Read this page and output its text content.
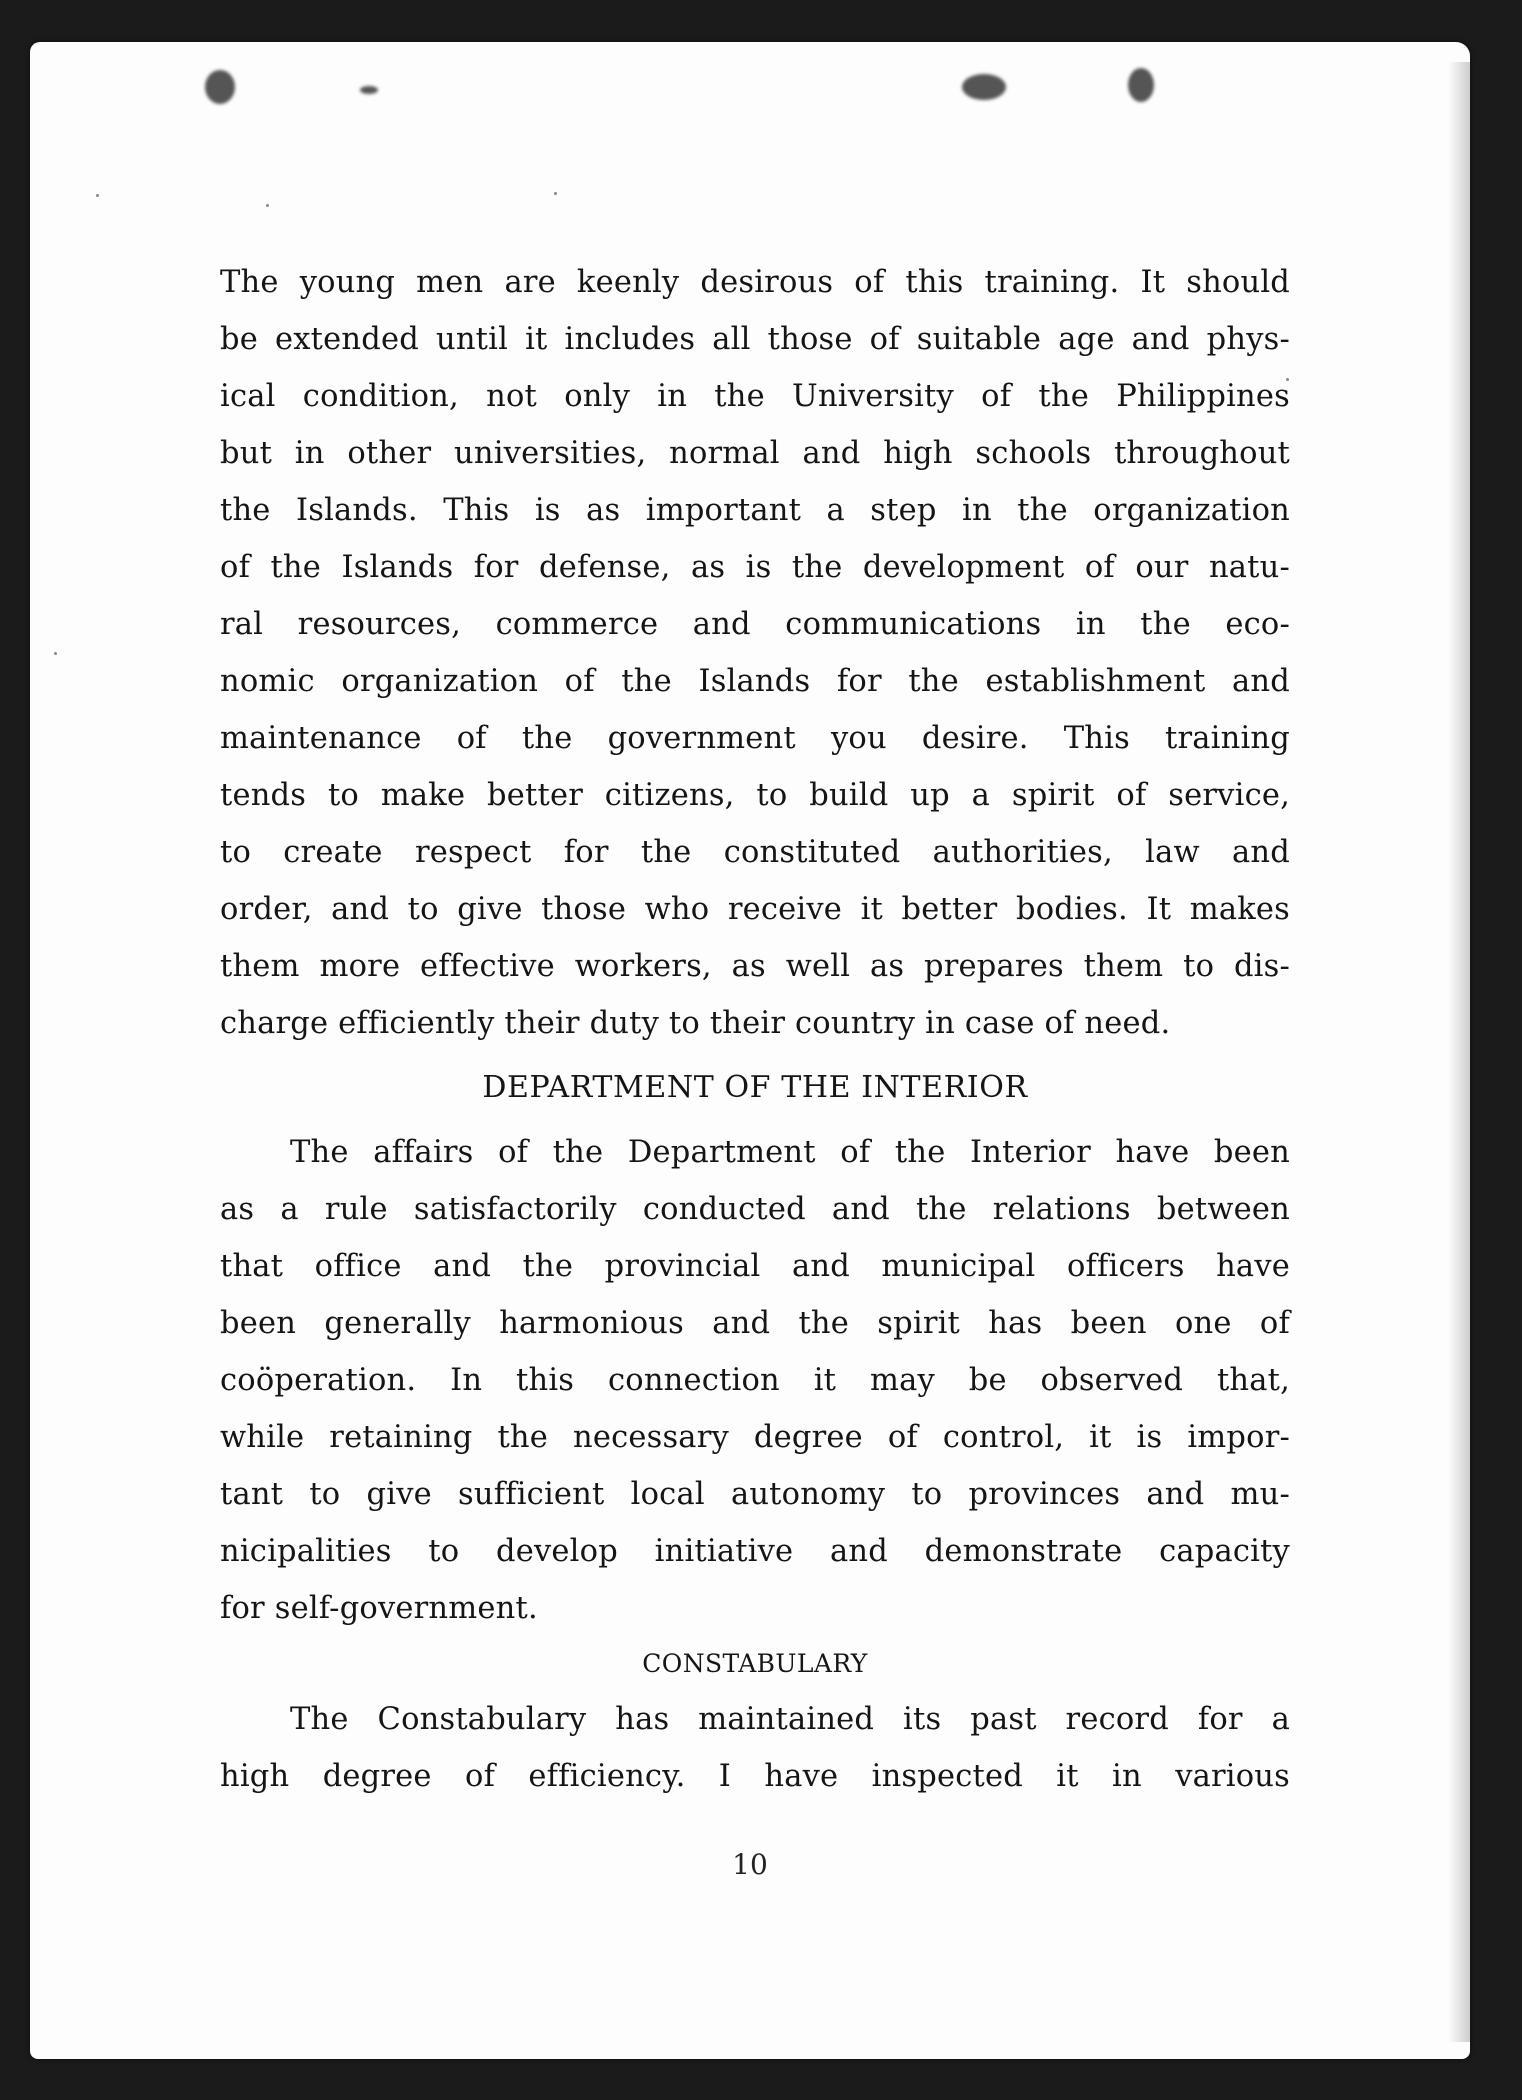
The young men are keenly desirous of this training. It should
be extended until it includes all those of suitable age and phys-
ical condition, not only in the University of the Philippines
but in other universities, normal and high schools throughout
the Islands. This is as important a step in the organization
of the Islands for defense, as is the development of our natu-
ral resources, commerce and communications in the eco-
nomic organization of the Islands for the establishment and
maintenance of the government you desire. This training
tends to make better citizens, to build up a spirit of service,
to create respect for the constituted authorities, law and
order, and to give those who receive it better bodies. It makes
them more effective workers, as well as prepares them to dis-
charge efficiently their duty to their country in case of need.
DEPARTMENT OF THE INTERIOR
The affairs of the Department of the Interior have been
as a rule satisfactorily conducted and the relations between
that office and the provincial and municipal officers have
been generally harmonious and the spirit has been one of
coöperation. In this connection it may be observed that,
while retaining the necessary degree of control, it is impor-
tant to give sufficient local autonomy to provinces and mu-
nicipalities to develop initiative and demonstrate capacity
for self-government.
CONSTABULARY
The Constabulary has maintained its past record for a
high degree of efficiency. I have inspected it in various
10
